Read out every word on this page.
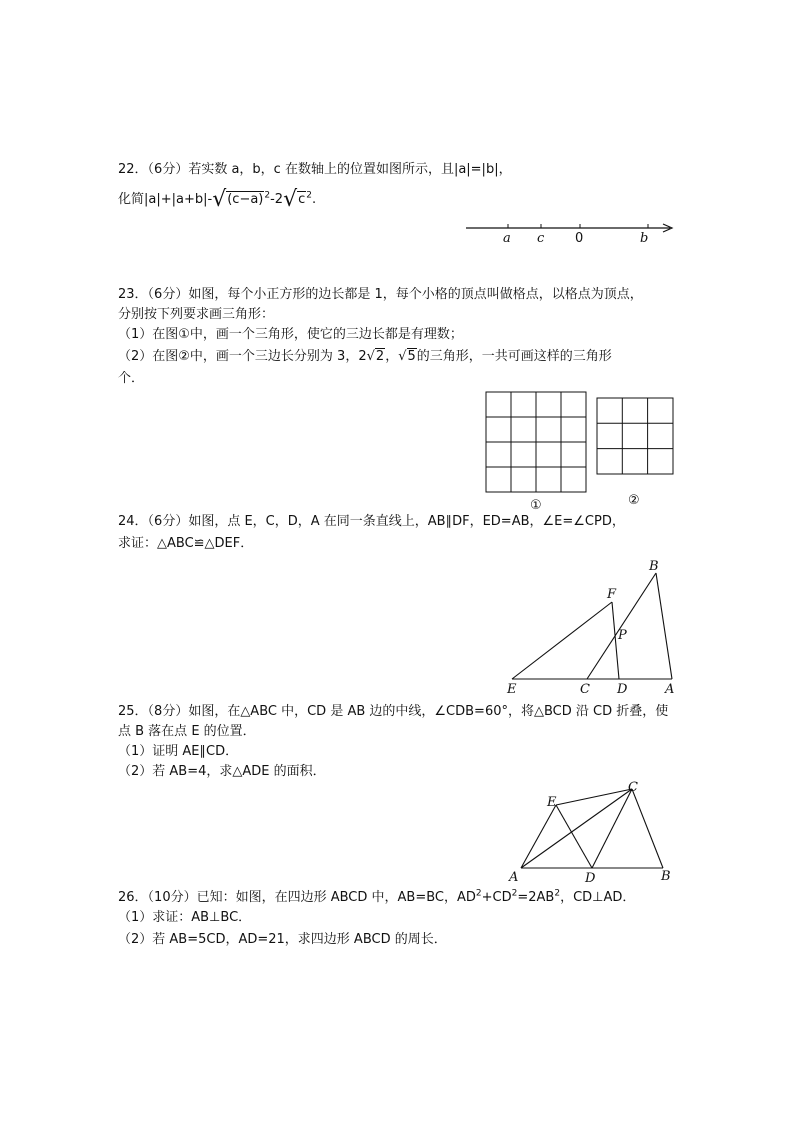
22．（6分）若实数 a，b，c 在数轴上的位置如图所示，且|a|=|b|，
化简$|a|+|a+b|-√(c-a)^2-2√c^2$.
a c 0	b
23．（6分）如图，每个小正方形的边长都是 1，每个小格的顶点叫做格点，以格点为顶点，
分别按下列要求画三角形：
（1）在图①中，画一个三角形，使它的三边长都是有理数；
（2）在图②中，画一个三边长分别为 3，2√2，√5的三角形，一共可画这样的三角形
个．
①	②
24．（6分）如图，点 E，C，D，A 在同一条直线上，AB∥DF，ED=AB，∠E=∠CPD，
求证：△ABC≌△DEF．
B
F
P
E	C D	A
25．（8分）如图，在△ABC 中，CD 是 AB 边的中线，∠CDB=60°，将△BCD 沿 CD 折叠，使
点 B 落在点 E 的位置．
（1）证明 AE∥CD．
（2）若 AB=4，求△ADE 的面积．
E
C
A	D	B
26．（10分）已知：如图，在四边形 ABCD 中，AB=BC，$AD^2+CD^2=2AB^2$，CD⊥AD．
（1）求证：AB⊥BC．
（2）若 AB=5CD，AD=21，求四边形 ABCD 的周长．
